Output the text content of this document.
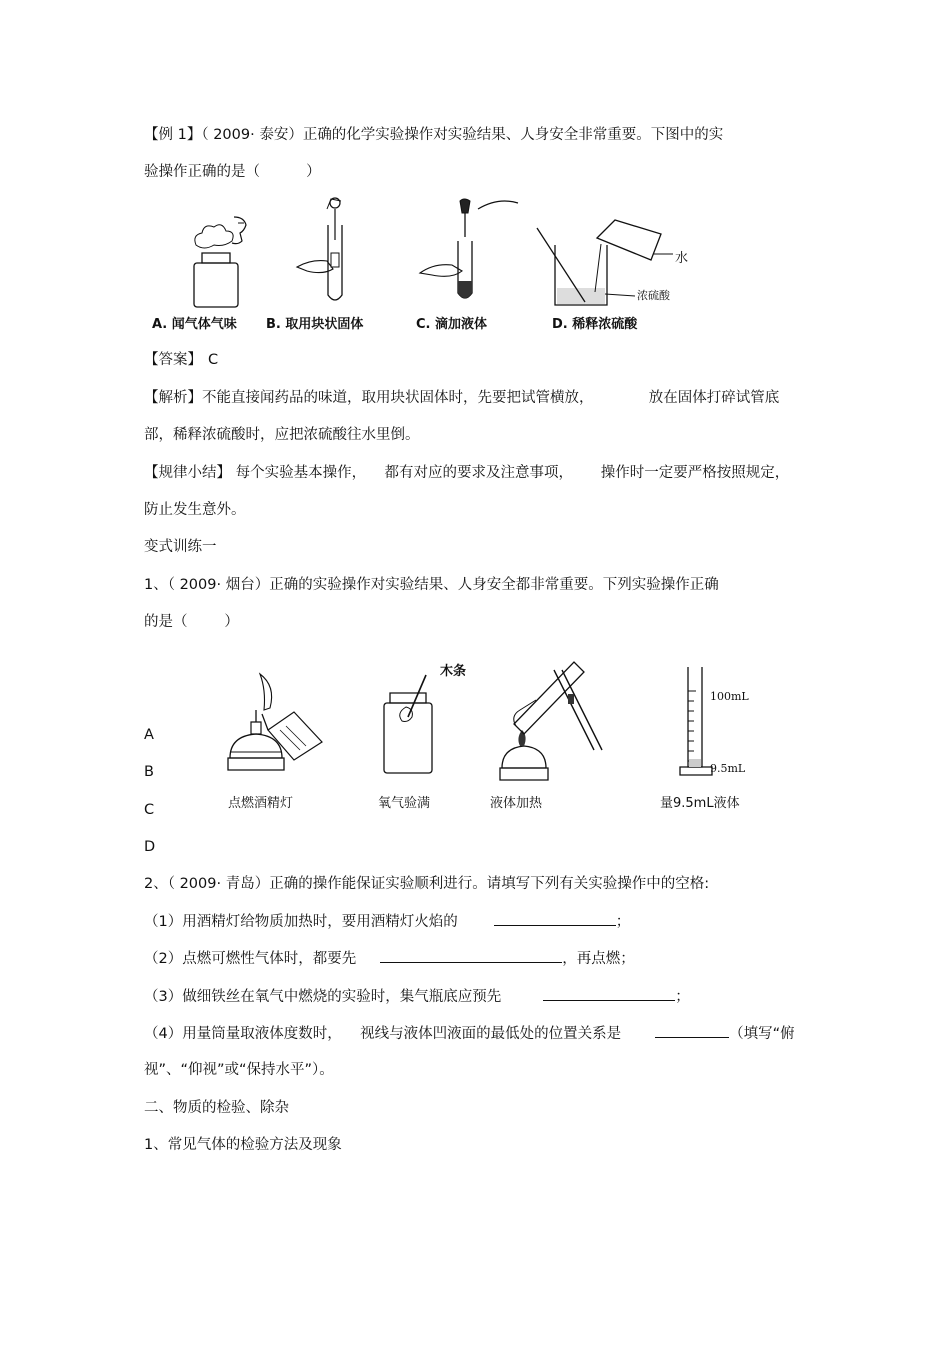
【例 1】（ 2009· 泰安）正确的化学实验操作对实验结果、人身安全非常重要。下图中的实
验操作正确的是（          ）
水
浓硫酸
A. 闻气体气味 B. 取用块状固体	C. 滴加液体	D. 稀释浓硫酸
【答案】 C
【解析】不能直接闻药品的味道，取用块状固体时，先要把试管横放，            放在固体打碎试管底
部，稀释浓硫酸时，应把浓硫酸往水里倒。
【规律小结】 每个实验基本操作，    都有对应的要求及注意事项，      操作时一定要严格按照规定，
防止发生意外。
变式训练一
1、（ 2009· 烟台）正确的实验操作对实验结果、人身安全都非常重要。下列实验操作正确
的是（        ）
木条
100mL
9.5mL
点燃酒精灯	氧气验满	液体加热	量9.5mL液体
A
B
C
D
2、（ 2009· 青岛）正确的操作能保证实验顺利进行。请填写下列有关实验操作中的空格:
（1）用酒精灯给物质加热时，要用酒精灯火焰的	；
（2）点燃可燃性气体时，都要先	，再点燃；
（3）做细铁丝在氧气中燃烧的实验时，集气瓶底应预先	；
（4）用量筒量取液体度数时，    视线与液体凹液面的最低处的位置关系是	（填写“俯
视”、“仰视”或“保持水平”）。
二、物质的检验、除杂
1、常见气体的检验方法及现象
